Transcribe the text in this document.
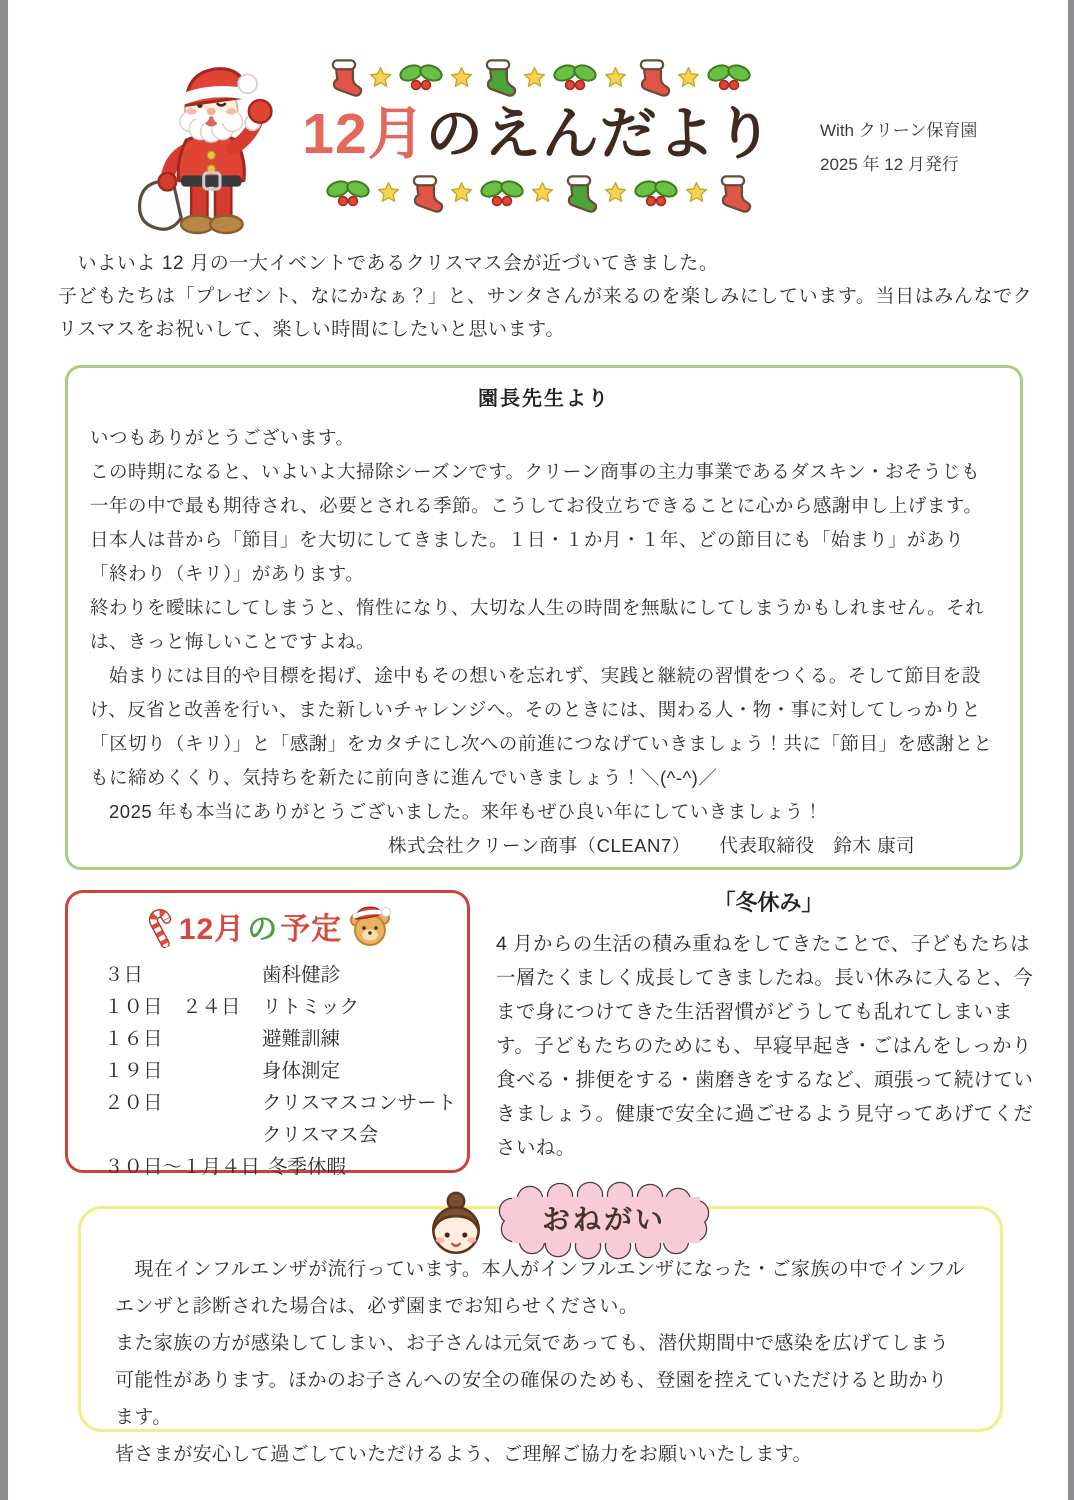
12月のえんだより	With クリーン保育園
2025 年 12 月発行

　いよいよ 12 月の一大イベントであるクリスマス会が近づいてきました。

子どもたちは「プレゼント、なにかなぁ？」と、サンタさんが来るのを楽しみにしています。当日はみんなでクリスマスをお祝いして、楽しい時間にしたいと思います。

園長先生より

いつもありがとうございます。

この時期になると、いよいよ大掃除シーズンです。クリーン商事の主力事業であるダスキン・おそうじも一年の中で最も期待され、必要とされる季節。こうしてお役立ちできることに心から感謝申し上げます。日本人は昔から「節目」を大切にしてきました。１日・１か月・１年、どの節目にも「始まり」があり「終わり（キリ）」があります。

終わりを曖昧にしてしまうと、惰性になり、大切な人生の時間を無駄にしてしまうかもしれません。それは、きっと悔しいことですよね。

　始まりには目的や目標を掲げ、途中もその想いを忘れず、実践と継続の習慣をつくる。そして節目を設け、反省と改善を行い、また新しいチャレンジへ。そのときには、関わる人・物・事に対してしっかりと「区切り（キリ）」と「感謝」をカタチにし次への前進につなげていきましょう！共に「節目」を感謝とともに締めくくり、気持ちを新たに前向きに進んでいきましょう！＼(^-^)／

　2025 年も本当にありがとうございました。来年もぜひ良い年にしていきましょう！

株式会社クリーン商事（CLEAN7）　　代表取締役　鈴木 康司

12月 の 予定
３日	歯科健診
１０日　２４日	リトミック
１６日	避難訓練
１９日	身体測定
２０日	クリスマスコンサート
クリスマス会
３０日～１月４日 冬季休暇
「冬休み」

4 月からの生活の積み重ねをしてきたことで、子どもたちは一層たくましく成長してきましたね。長い休みに入ると、今まで身につけてきた生活習慣がどうしても乱れてしまいます。子どもたちのためにも、早寝早起き・ごはんをしっかり食べる・排便をする・歯磨きをするなど、頑張って続けていきましょう。健康で安全に過ごせるよう見守ってあげてくださいね。

おねがい

　現在インフルエンザが流行っています。本人がインフルエンザになった・ご家族の中でインフルエンザと診断された場合は、必ず園までお知らせください。

また家族の方が感染してしまい、お子さんは元気であっても、潜伏期間中で感染を広げてしまう可能性があります。ほかのお子さんへの安全の確保のためも、登園を控えていただけると助かります。

皆さまが安心して過ごしていただけるよう、ご理解ご協力をお願いいたします。
